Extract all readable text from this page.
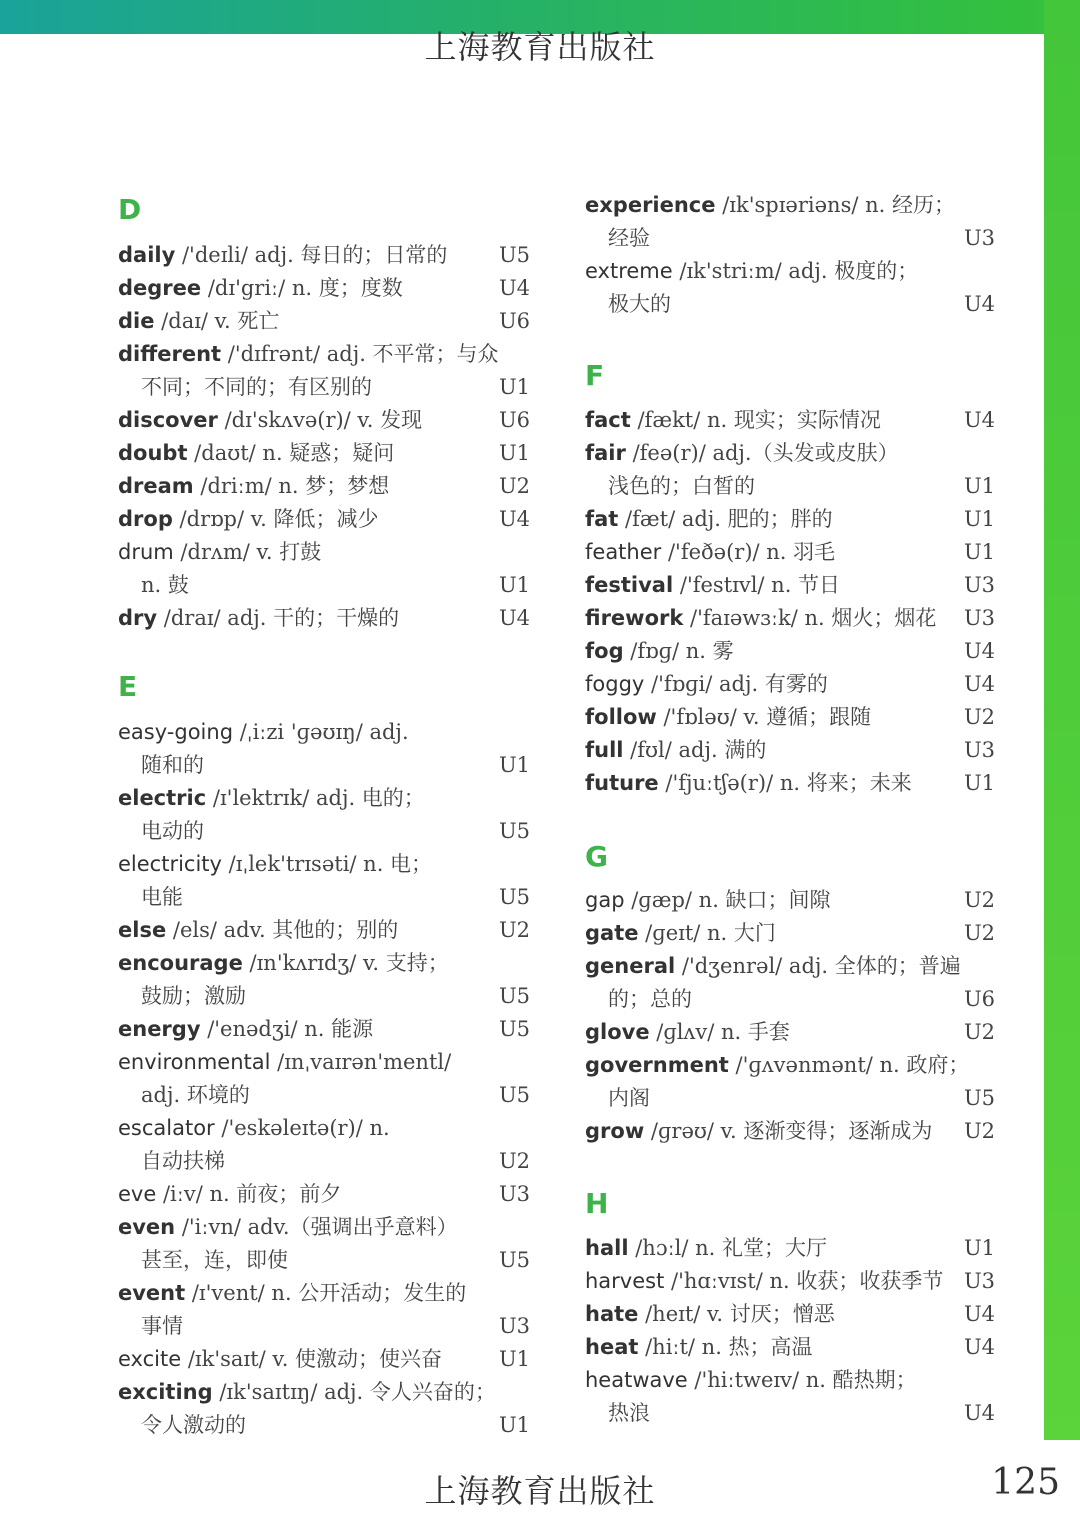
上海教育出版社
D
daily /'deɪli/ adj. 每日的；日常的 U5
degree /dɪ'griː/ n. 度；度数	U4
die /daɪ/ v. 死亡	U6
different /'dɪfrənt/ adj. 不平常；与众
不同；不同的；有区别的	U1
discover /dɪ'skʌvə(r)/ v. 发现	U6
doubt /daʊt/ n. 疑惑；疑问	U1
dream /driːm/ n. 梦；梦想	U2
drop /drɒp/ v. 降低；减少	U4
drum /drʌm/ v. 打鼓
n. 鼓	U1
dry /draɪ/ adj. 干的；干燥的	U4
E
easy-going /ˌiːzi 'ɡəʊɪŋ/ adj.
随和的	U1
electric /ɪ'lektrɪk/ adj. 电的；
电动的	U5
electricity /ɪˌlek'trɪsəti/ n. 电；
电能	U5
else /els/ adv. 其他的；别的	U2
encourage /ɪn'kʌrɪdʒ/ v. 支持；
鼓励；激励	U5
energy /'enədʒi/ n. 能源	U5
environmental /ɪnˌvaɪrən'mentl/
adj. 环境的	U5
escalator /'eskəleɪtə(r)/ n.
自动扶梯	U2
eve /iːv/ n. 前夜；前夕	U3
even /'iːvn/ adv.（强调出乎意料）
甚至，连，即使	U5
event /ɪ'vent/ n. 公开活动；发生的
事情	U3
excite /ɪk'saɪt/ v. 使激动；使兴奋	U1
exciting /ɪk'saɪtɪŋ/ adj. 令人兴奋的；
令人激动的	U1
experience /ɪk'spɪəriəns/ n. 经历；
经验	U3
extreme /ɪk'striːm/ adj. 极度的；
极大的	U4
F
fact /fækt/ n. 现实；实际情况	U4
fair /feə(r)/ adj.（头发或皮肤）
浅色的；白皙的	U1
fat /fæt/ adj. 肥的；胖的	U1
feather /'feðə(r)/ n. 羽毛	U1
festival /'festɪvl/ n. 节日	U3
firework /'faɪəwɜːk/ n. 烟火；烟花 U3
fog /fɒɡ/ n. 雾	U4
foggy /'fɒɡi/ adj. 有雾的	U4
follow /'fɒləʊ/ v. 遵循；跟随	U2
full /fʊl/ adj. 满的	U3
future /'fjuːtʃə(r)/ n. 将来；未来 U1
G
gap /ɡæp/ n. 缺口；间隙	U2
gate /ɡeɪt/ n. 大门	U2
general /'dʒenrəl/ adj. 全体的；普遍
的；总的	U6
glove /ɡlʌv/ n. 手套	U2
government /'ɡʌvənmənt/ n. 政府；
内阁	U5
grow /ɡrəʊ/ v. 逐渐变得；逐渐成为 U2
H
hall /hɔːl/ n. 礼堂；大厅	U1
harvest /'hɑːvɪst/ n. 收获；收获季节 U3
hate /heɪt/ v. 讨厌；憎恶	U4
heat /hiːt/ n. 热；高温	U4
heatwave /'hiːtweɪv/ n. 酷热期；
热浪	U4
上海教育出版社	125
